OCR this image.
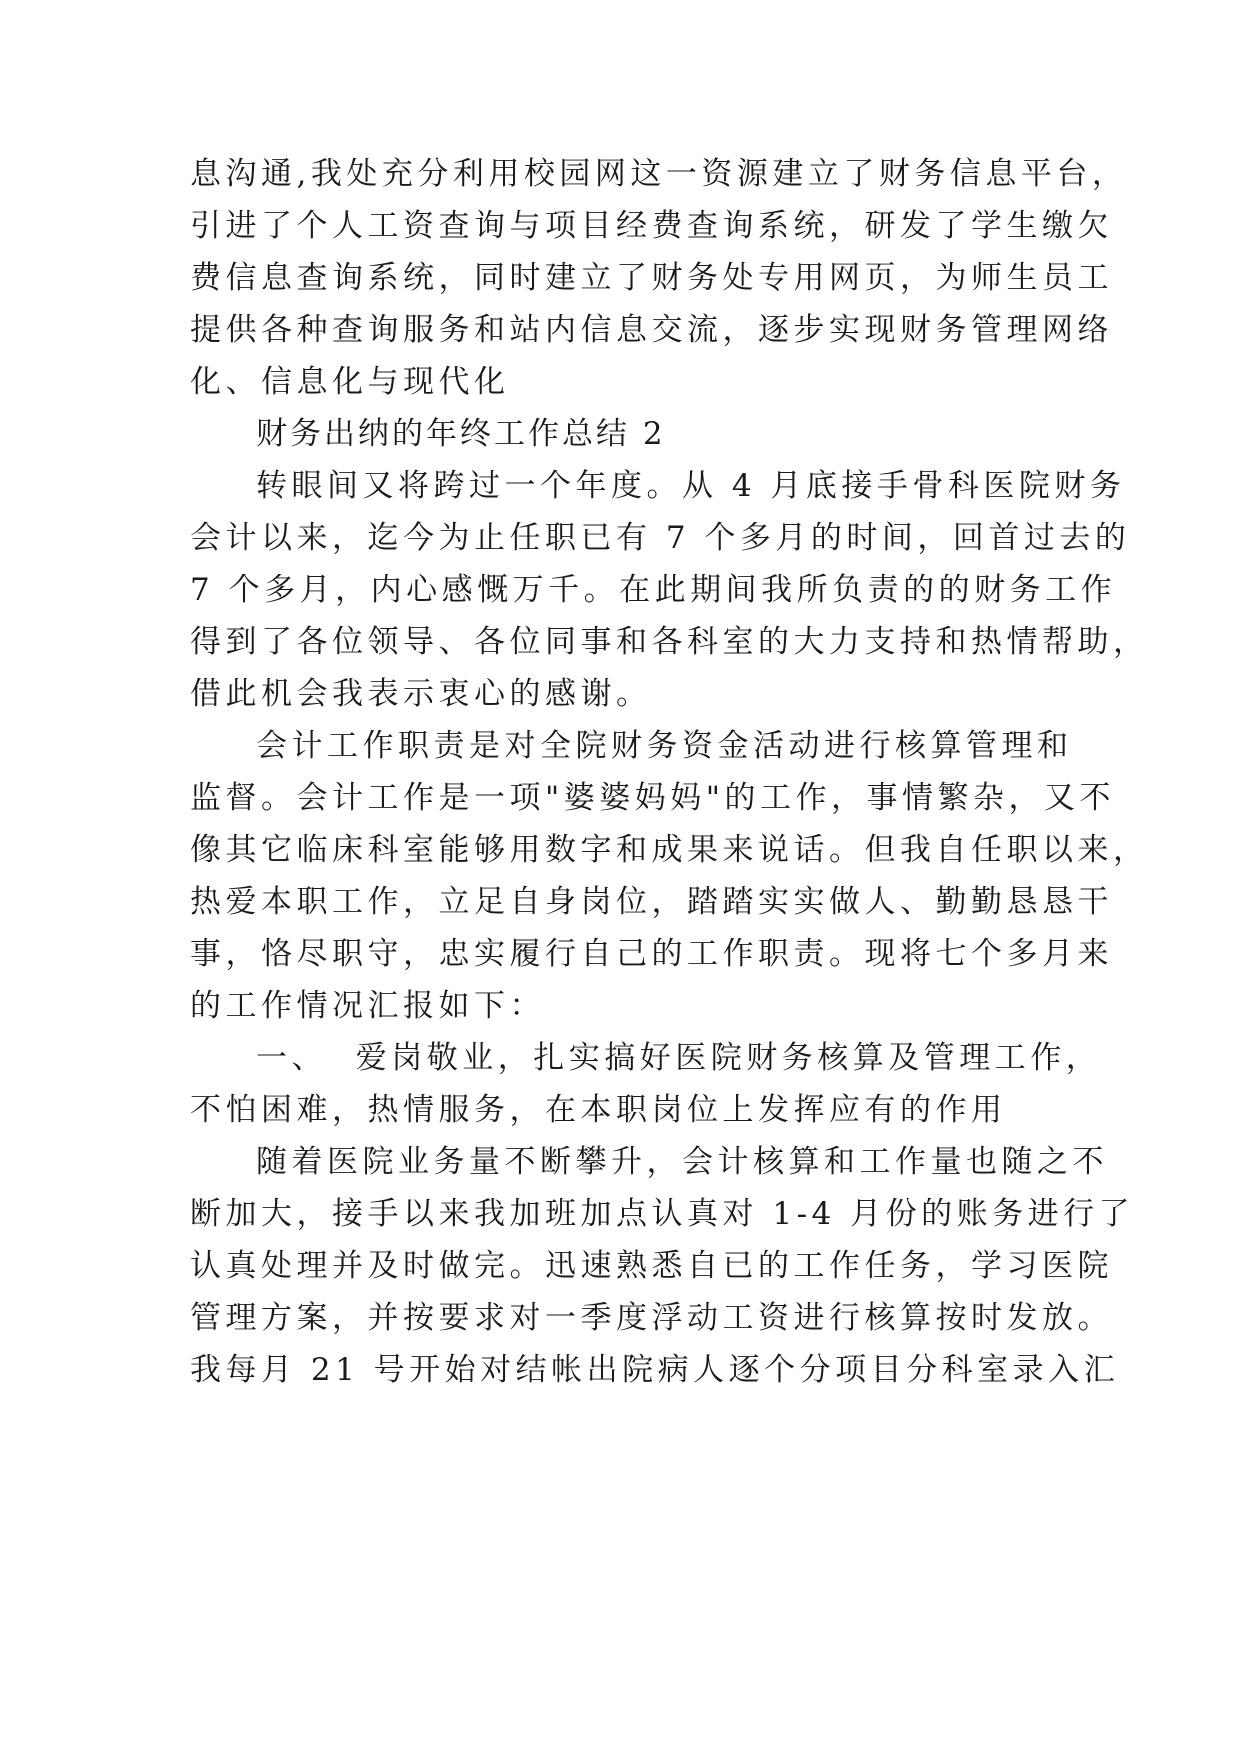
息沟通,我处充分利用校园网这一资源建立了财务信息平台，
引进了个人工资查询与项目经费查询系统，研发了学生缴欠
费信息查询系统，同时建立了财务处专用网页，为师生员工
提供各种查询服务和站内信息交流，逐步实现财务管理网络
化、信息化与现代化
财务出纳的年终工作总结 2
转眼间又将跨过一个年度。从 4 月底接手骨科医院财务
会计以来，迄今为止任职已有 7 个多月的时间，回首过去的
7 个多月，内心感慨万千。在此期间我所负责的的财务工作
得到了各位领导、各位同事和各科室的大力支持和热情帮助，
借此机会我表示衷心的感谢。
会计工作职责是对全院财务资金活动进行核算管理和
监督。会计工作是一项"婆婆妈妈"的工作，事情繁杂，又不
像其它临床科室能够用数字和成果来说话。但我自任职以来，
热爱本职工作，立足自身岗位，踏踏实实做人、勤勤恳恳干
事，恪尽职守，忠实履行自己的工作职责。现将七个多月来
的工作情况汇报如下：
一、  爱岗敬业，扎实搞好医院财务核算及管理工作，
不怕困难，热情服务，在本职岗位上发挥应有的作用
随着医院业务量不断攀升，会计核算和工作量也随之不
断加大，接手以来我加班加点认真对 1-4 月份的账务进行了
认真处理并及时做完。迅速熟悉自已的工作任务，学习医院
管理方案，并按要求对一季度浮动工资进行核算按时发放。
我每月 21 号开始对结帐出院病人逐个分项目分科室录入汇
